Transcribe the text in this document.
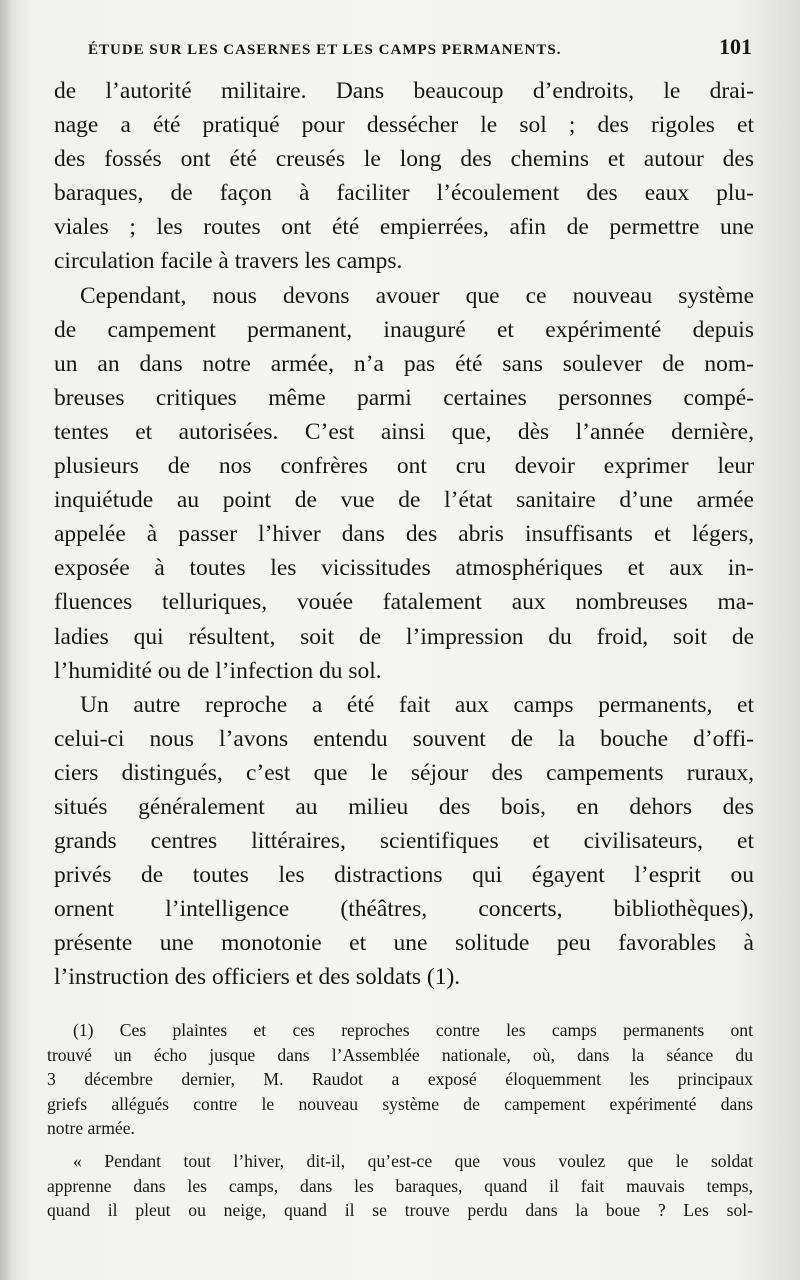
ÉTUDE SUR LES CASERNES ET LES CAMPS PERMANENTS.	101
de l’autorité militaire. Dans beaucoup d’endroits, le drai-
nage a été pratiqué pour dessécher le sol ; des rigoles et
des fossés ont été creusés le long des chemins et autour des
baraques, de façon à faciliter l’écoulement des eaux plu-
viales ; les routes ont été empierrées, afin de permettre une
circulation facile à travers les camps.
Cependant, nous devons avouer que ce nouveau système
de campement permanent, inauguré et expérimenté depuis
un an dans notre armée, n’a pas été sans soulever de nom-
breuses critiques même parmi certaines personnes compé-
tentes et autorisées. C’est ainsi que, dès l’année dernière,
plusieurs de nos confrères ont cru devoir exprimer leur
inquiétude au point de vue de l’état sanitaire d’une armée
appelée à passer l’hiver dans des abris insuffisants et légers,
exposée à toutes les vicissitudes atmosphériques et aux in-
fluences telluriques, vouée fatalement aux nombreuses ma-
ladies qui résultent, soit de l’impression du froid, soit de
l’humidité ou de l’infection du sol.
Un autre reproche a été fait aux camps permanents, et
celui-ci nous l’avons entendu souvent de la bouche d’offi-
ciers distingués, c’est que le séjour des campements ruraux,
situés généralement au milieu des bois, en dehors des
grands centres littéraires, scientifiques et civilisateurs, et
privés de toutes les distractions qui égayent l’esprit ou
ornent l’intelligence (théâtres, concerts, bibliothèques),
présente une monotonie et une solitude peu favorables à
l’instruction des officiers et des soldats (1).
(1) Ces plaintes et ces reproches contre les camps permanents ont
trouvé un écho jusque dans l’Assemblée nationale, où, dans la séance du
3 décembre dernier, M. Raudot a exposé éloquemment les principaux
griefs allégués contre le nouveau système de campement expérimenté dans
notre armée.
« Pendant tout l’hiver, dit-il, qu’est-ce que vous voulez que le soldat
apprenne dans les camps, dans les baraques, quand il fait mauvais temps,
quand il pleut ou neige, quand il se trouve perdu dans la boue ? Les sol-
